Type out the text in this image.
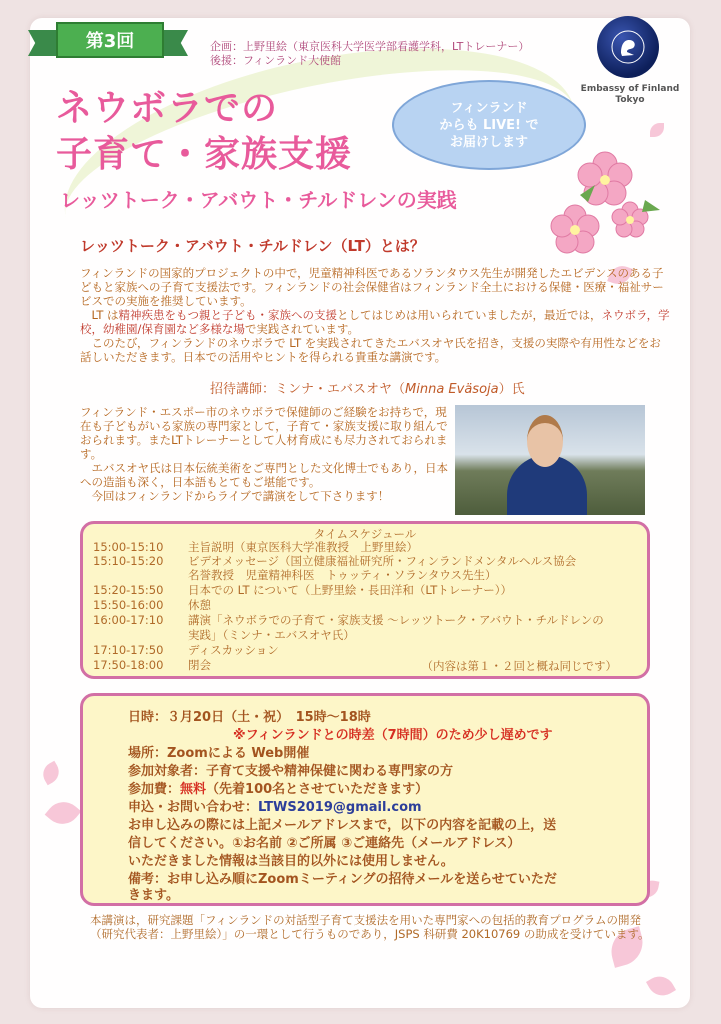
第3回	企画：上野里絵（東京医科大学医学部看護学科，LTトレーナー）
後援：フィンランド大使館
Embassy of Finland
Tokyo
ネウボラでの
子育て・家族支援
レッツトーク・アバウト・チルドレンの実践
フィンランド
からも LIVE! で
お届けします
レッツトーク・アバウト・チルドレン（LT）とは？

フィンランドの国家的プロジェクトの中で，児童精神科医であるソランタウス先生が開発したエビデンスのある子どもと家族への子育て支援法です。フィンランドの社会保健省はフィンランド全土における保健・医療・福祉サービスでの実施を推奨しています。

　LT は精神疾患をもつ親と子ども・家族への支援としてはじめは用いられていましたが，最近では，ネウボラ，学校，幼稚園/保育園など多様な場で実践されています。

　このたび，フィンランドのネウボラで LT を実践されてきたエバスオヤ氏を招き，支援の実際や有用性などをお話しいただきます。日本での活用やヒントを得られる貴重な講演です。

招待講師：ミンナ・エバスオヤ（Minna Eväsoja）氏

フィンランド・エスポー市のネウボラで保健師のご経験をお持ちで，現在も子どもがいる家族の専門家として，子育て・家族支援に取り組んでおられます。またLTトレーナーとして人材育成にも尽力されておられます。

　エバスオヤ氏は日本伝統美術をご専門とした文化博士でもあり，日本への造詣も深く，日本語もとてもご堪能です。

　今回はフィンランドからライブで講演をして下さります！

タイムスケジュール
15:00-15:10 主旨説明（東京医科大学准教授　上野里絵）
15:10-15:20 ビデオメッセージ（国立健康福祉研究所・フィンランドメンタルヘルス協会
名誉教授　児童精神科医　トゥッティ・ソランタウス先生）
15:20-15:50 日本での LT について（上野里絵・長田洋和（LTトレーナー））
15:50-16:00 休憩
16:00-17:10 講演「ネウボラでの子育て・家族支援 ～レッツトーク・アバウト・チルドレンの
実践」（ミンナ・エバスオヤ氏）
17:10-17:50 ディスカッション
17:50-18:00 閉会	（内容は第１・２回と概ね同じです）
日時：３月20日（土・祝）　15時～18時
※フィンランドとの時差（7時間）のため少し遅めです
場所：Zoomによる Web開催
参加対象者：子育て支援や精神保健に関わる専門家の方
参加費：無料（先着100名とさせていただきます）
申込・お問い合わせ：LTWS2019@gmail.com
お申し込みの際には上記メールアドレスまで，以下の内容を記載の上，送
信してください。①お名前 ②ご所属 ③ご連絡先（メールアドレス）
いただきました情報は当該目的以外には使用しません。
備考：お申し込み順にZoomミーティングの招待メールを送らせていただ
きます。
本講演は，研究課題「フィンランドの対話型子育て支援法を用いた専門家への包括的教育プログラムの開発（研究代表者：上野里絵）」の一環として行うものであり，JSPS 科研費 20K10769 の助成を受けています。
